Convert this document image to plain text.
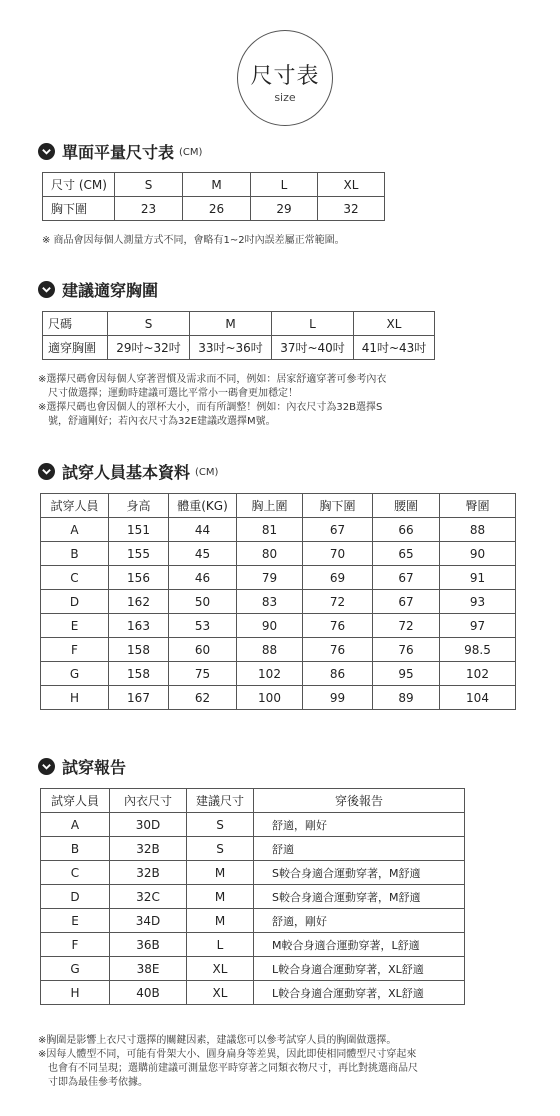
尺寸表
size
單面平量尺寸表 (CM)
尺寸 (CM)	S	M	L	XL
胸下圍	23	26	29	32
※ 商品會因每個人測量方式不同，會略有1~2吋內誤差屬正常範圍。
建議適穿胸圍
尺碼	S	M	L	XL
適穿胸圍	29吋~32吋	33吋~36吋	37吋~40吋	41吋~43吋
※選擇尺碼會因每個人穿著習慣及需求而不同，例如：居家舒適穿著可參考內衣
尺寸做選擇；運動時建議可選比平常小一碼會更加穩定！
※選擇尺碼也會因個人的罩杯大小，而有所調整！例如：內衣尺寸為32B選擇S
號，舒適剛好；若內衣尺寸為32E建議改選擇M號。
試穿人員基本資料 (CM)
試穿人員	身高	體重(KG)	胸上圍	胸下圍	腰圍	臀圍
A	151	44	81	67	66	88
B	155	45	80	70	65	90
C	156	46	79	69	67	91
D	162	50	83	72	67	93
E	163	53	90	76	72	97
F	158	60	88	76	76	98.5
G	158	75	102	86	95	102
H	167	62	100	99	89	104
試穿報告
試穿人員	內衣尺寸	建議尺寸	穿後報告
A	30D	S	舒適，剛好
B	32B	S	舒適
C	32B	M	S較合身適合運動穿著，M舒適
D	32C	M	S較合身適合運動穿著，M舒適
E	34D	M	舒適，剛好
F	36B	L	M較合身適合運動穿著，L舒適
G	38E	XL	L較合身適合運動穿著，XL舒適
H	40B	XL	L較合身適合運動穿著，XL舒適
※胸圍是影響上衣尺寸選擇的關鍵因素，建議您可以參考試穿人員的胸圍做選擇。
※因每人體型不同，可能有骨架大小、圓身扁身等差異，因此即使相同體型尺寸穿起來
也會有不同呈現；選購前建議可測量您平時穿著之同類衣物尺寸，再比對挑選商品尺
寸即為最佳參考依據。
